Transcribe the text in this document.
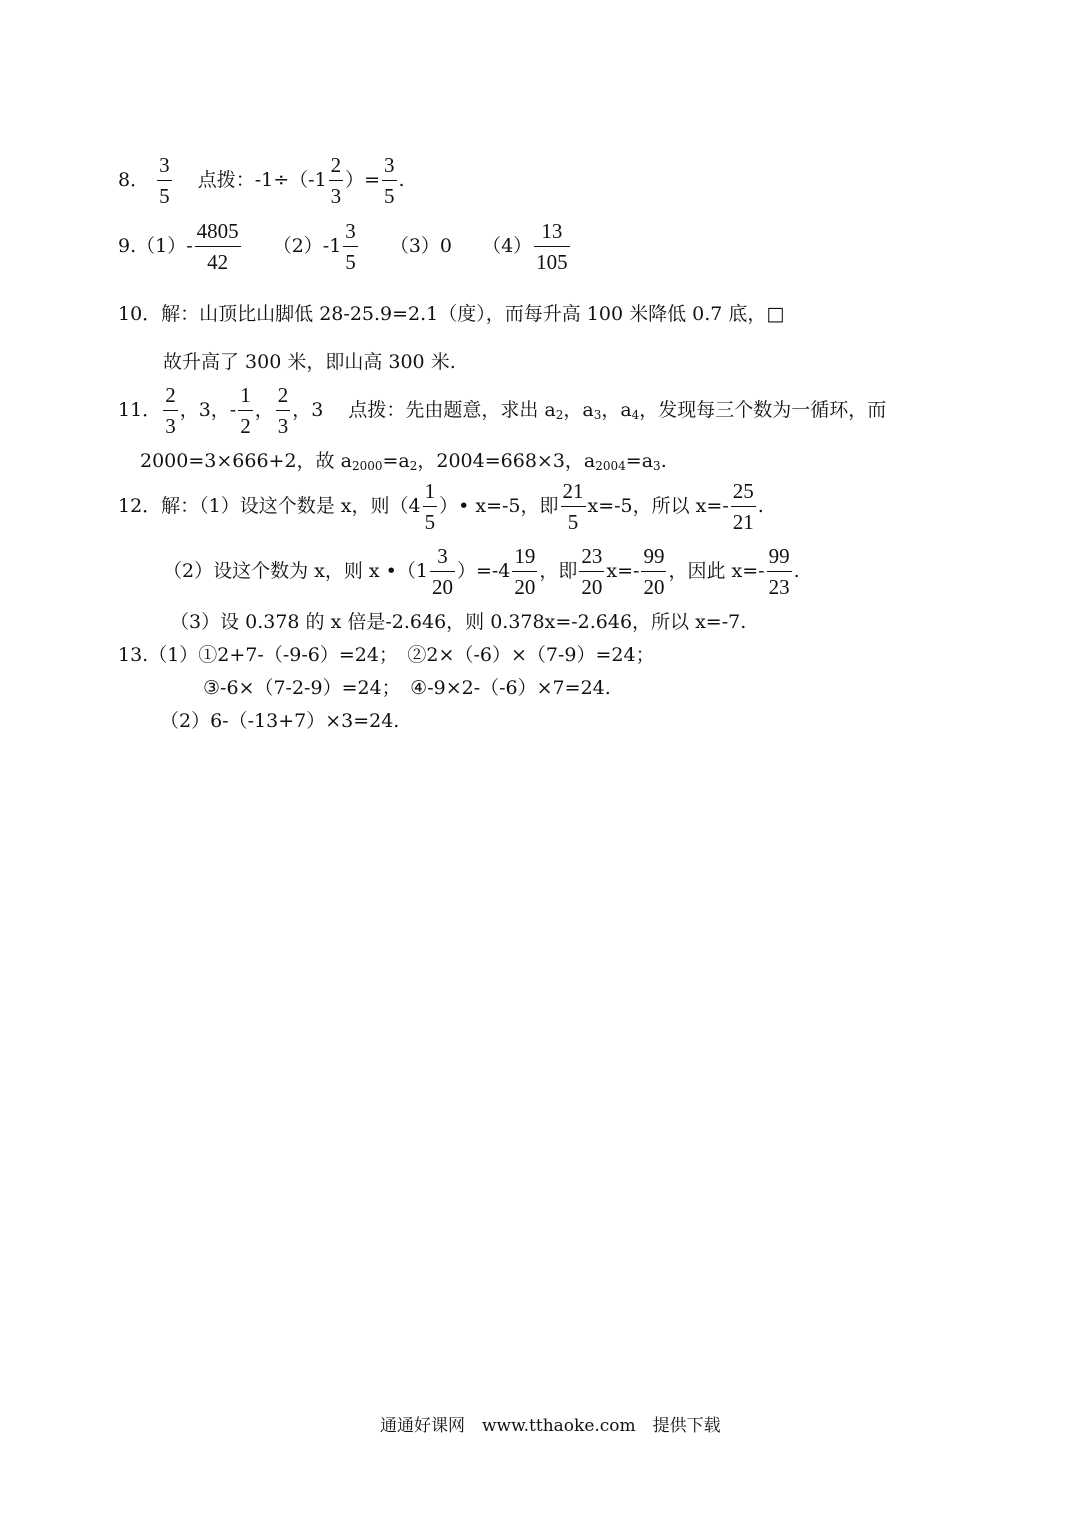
8． $\frac{3}{5}$ 点拨：$-1\div(-1 \frac{2}{3}$ ）= $\frac{3}{5}$ .
$9.(1)- \frac{4805}{42} (2)-1 \frac{3}{5} (3)0$ $(4) \frac{13}{105}$
10．解：山顶比山脚低 28-25.9=2.1（度），而每升高 100 米降低 0.7 底，□
故升高了 300 米，即山高 300 米.
11． $\frac{2}{3}$ ，3，- $\frac{1}{2}$ ， $\frac{2}{3}$ ，3　 点拨：先由题意，求出 $a_2$，$a_3$，$a_4$，发现每三个数为一循环，而
2000=3×666+2，故 $a_{2000}=a_2$，2004=668×3，$a_{2004}=a_3$.
12．解：（1）设这个数是 x，则（$4 \frac{1}{5}$ ）• x=-5，即 $\frac{21}{5} x=-5$，所以 $x=- \frac{25}{21}$ .
（2）设这个数为 x，则 x •（1 $\frac{3}{20} )=-4 \frac{19}{20}$ ，即 $\frac{23}{20} x=- \frac{99}{20}$ ，因此 $x=- \frac{99}{23}$ .
（3）设 0.378 的 x 倍是-2.646，则 0.378x=-2.646，所以 x=-7.
13.（1）①2+7-（-9-6）=24；　②2×（-6）×（7-9）=24；
③-6×（7-2-9）=24；　④-9×2-（-6）×7=24.
（2）6-（-13+7）×3=24.
通通好课网　www.tthaoke.com　提供下载
